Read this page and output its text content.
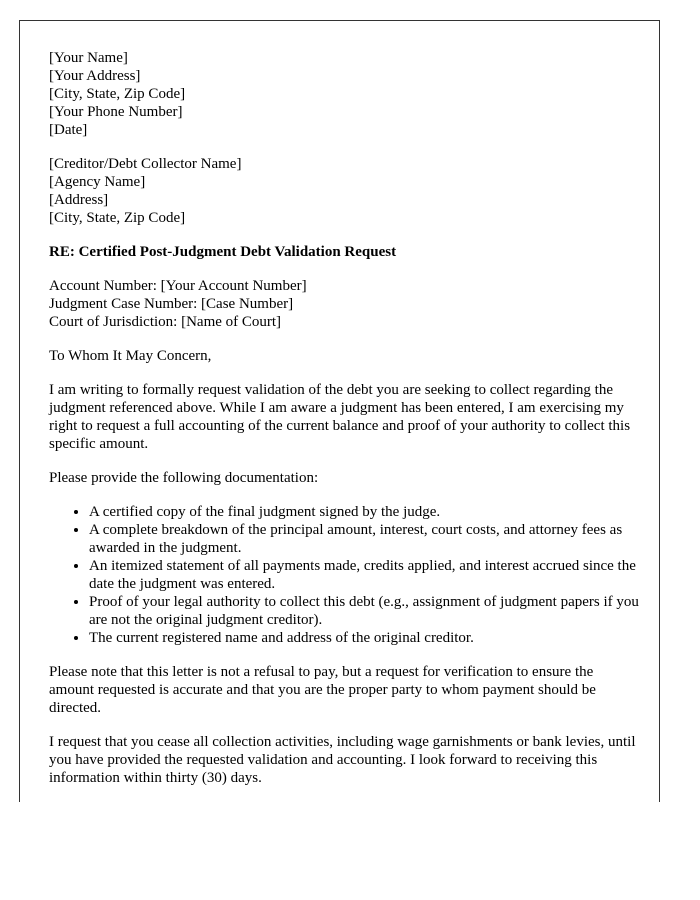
[Your Name]
[Your Address]
[City, State, Zip Code]
[Your Phone Number]
[Date]
[Creditor/Debt Collector Name]
[Agency Name]
[Address]
[City, State, Zip Code]
RE: Certified Post-Judgment Debt Validation Request
Account Number: [Your Account Number]
Judgment Case Number: [Case Number]
Court of Jurisdiction: [Name of Court]

To Whom It May Concern,

I am writing to formally request validation of the debt you are seeking to collect regarding the judgment referenced above. While I am aware a judgment has been entered, I am exercising my right to request a full accounting of the current balance and proof of your authority to collect this specific amount.

Please provide the following documentation:

• A certified copy of the final judgment signed by the judge.
• A complete breakdown of the principal amount, interest, court costs, and attorney fees as awarded in the judgment.
• An itemized statement of all payments made, credits applied, and interest accrued since the date the judgment was entered.
• Proof of your legal authority to collect this debt (e.g., assignment of judgment papers if you are not the original judgment creditor).
• The current registered name and address of the original creditor.

Please note that this letter is not a refusal to pay, but a request for verification to ensure the amount requested is accurate and that you are the proper party to whom payment should be directed.

I request that you cease all collection activities, including wage garnishments or bank levies, until you have provided the requested validation and accounting. I look forward to receiving this information within thirty (30) days.
